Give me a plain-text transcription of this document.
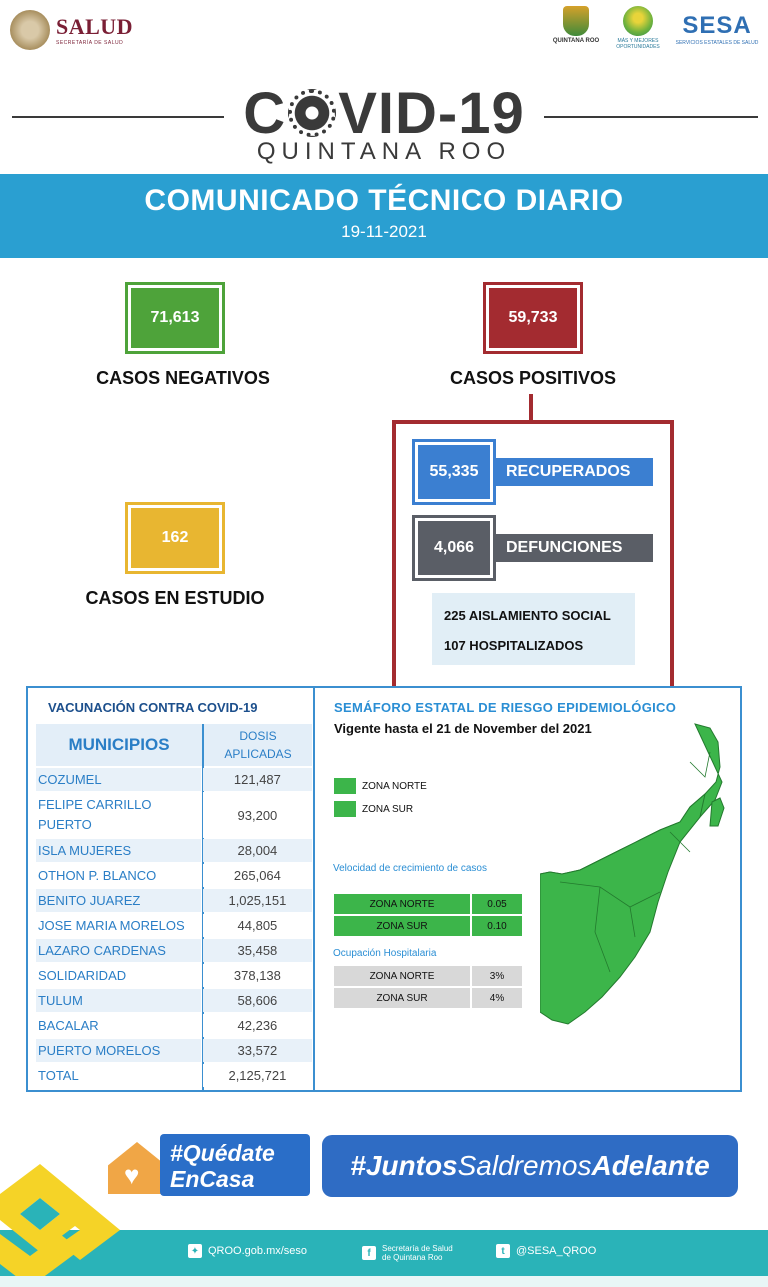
SALUD
SECRETARÍA DE SALUD	QUINTANA ROO	MÁS Y MEJORES OPORTUNIDADES
SESA
SERVICIOS ESTATALES DE SALUD
C VID-19
QUINTANA ROO
COMUNICADO TÉCNICO DIARIO
19-11-2021
71,613
CASOS NEGATIVOS
59,733
CASOS POSITIVOS
162
CASOS EN ESTUDIO
RECUPERADOS
55,335
DEFUNCIONES
4,066
225 AISLAMIENTO SOCIAL
107 HOSPITALIZADOS
VACUNACIÓN CONTRA COVID-19
MUNICIPIOS	DOSIS
APLICADAS
COZUMEL	121,487
FELIPE CARRILLO PUERTO
93,200
ISLA MUJERES	28,004
OTHON P. BLANCO	265,064
BENITO JUAREZ	1,025,151
JOSE MARIA MORELOS	44,805
LAZARO CARDENAS	35,458
SOLIDARIDAD	378,138
TULUM	58,606
BACALAR	42,236
PUERTO MORELOS	33,572
TOTAL	2,125,721
SEMÁFORO ESTATAL DE RIESGO EPIDEMIOLÓGICO
Vigente hasta el 21 de November del 2021
ZONA NORTE
ZONA SUR
Velocidad de crecimiento de casos
ZONA NORTE	0.05
ZONA SUR	0.10
Ocupación Hospitalaria
ZONA NORTE	3%
ZONA SUR	4%
♥
#Quédate
EnCasa	#Juntos Saldremos Adelante
✦ QROO.gob.mx/seso	f	Secretaría de Salud
de Quintana Roo
t	@SESA_QROO
